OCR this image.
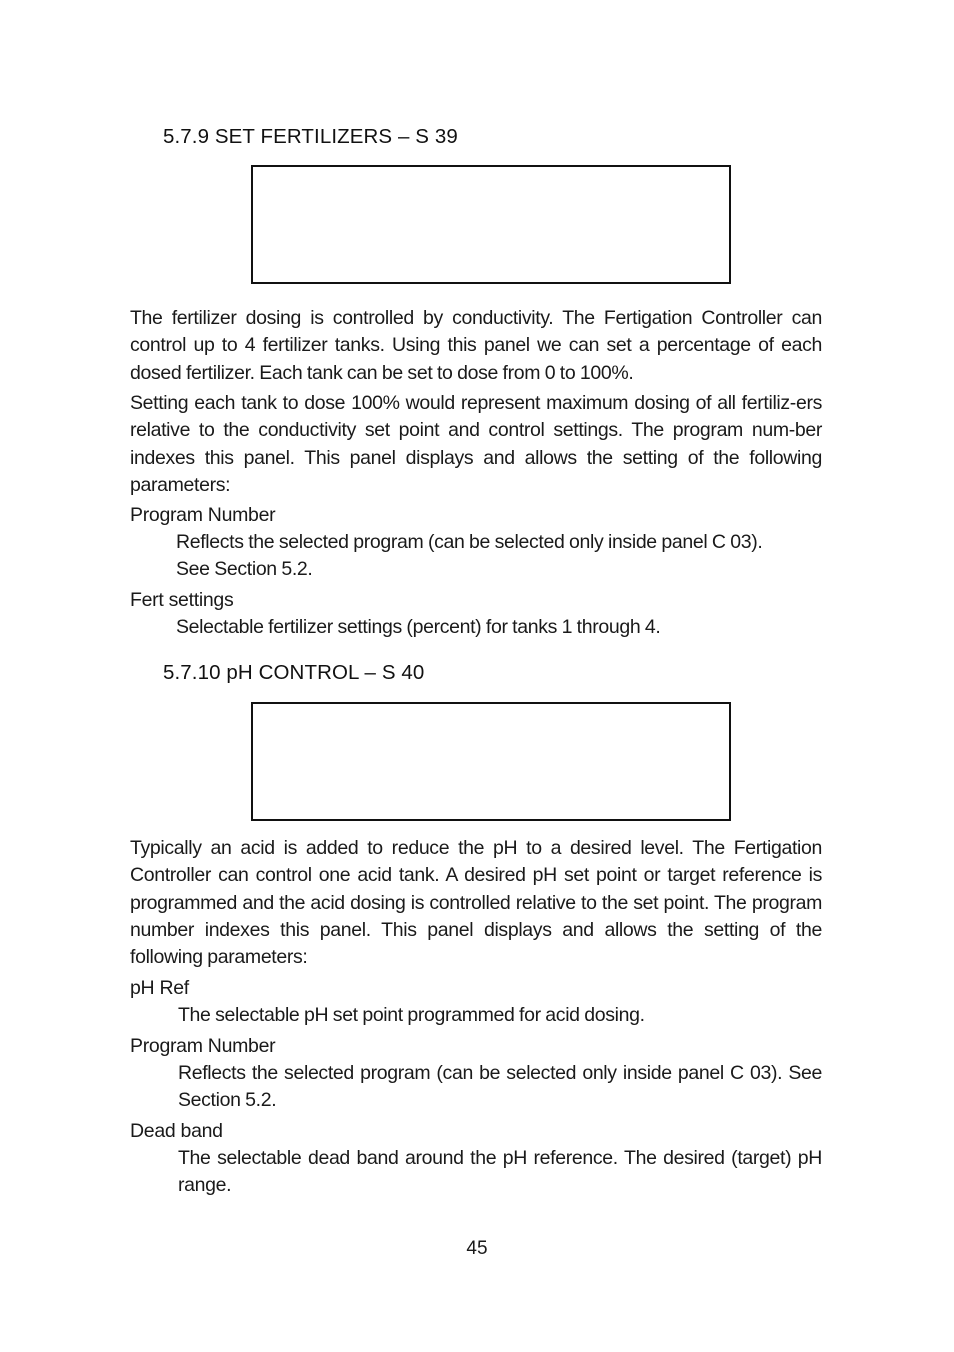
5.7.9 SET FERTILIZERS – S 39

The fertilizer dosing is controlled by conductivity. The Fertigation Controller can control up to 4 fertilizer tanks. Using this panel we can set a percentage of each dosed fertilizer. Each tank can be set to dose from 0 to 100%.

Setting each tank to dose 100% would represent maximum dosing of all fertiliz-ers relative to the conductivity set point and control settings. The program num-ber indexes this panel. This panel displays and allows the setting of the following parameters:

Program Number

Reflects the selected program (can be selected only inside panel C 03).

See Section 5.2.

Fert settings

Selectable fertilizer settings (percent) for tanks 1 through 4.

5.7.10 pH CONTROL – S 40

Typically an acid is added to reduce the pH to a desired level. The Fertigation Controller can control one acid tank. A desired pH set point or target reference is programmed and the acid dosing is controlled relative to the set point. The program number indexes this panel. This panel displays and allows the setting of the following parameters:

pH Ref

The selectable pH set point programmed for acid dosing.

Program Number

Reflects the selected program (can be selected only inside panel C 03). See Section 5.2.

Dead band

The selectable dead band around the pH reference. The desired (target) pH range.

45
